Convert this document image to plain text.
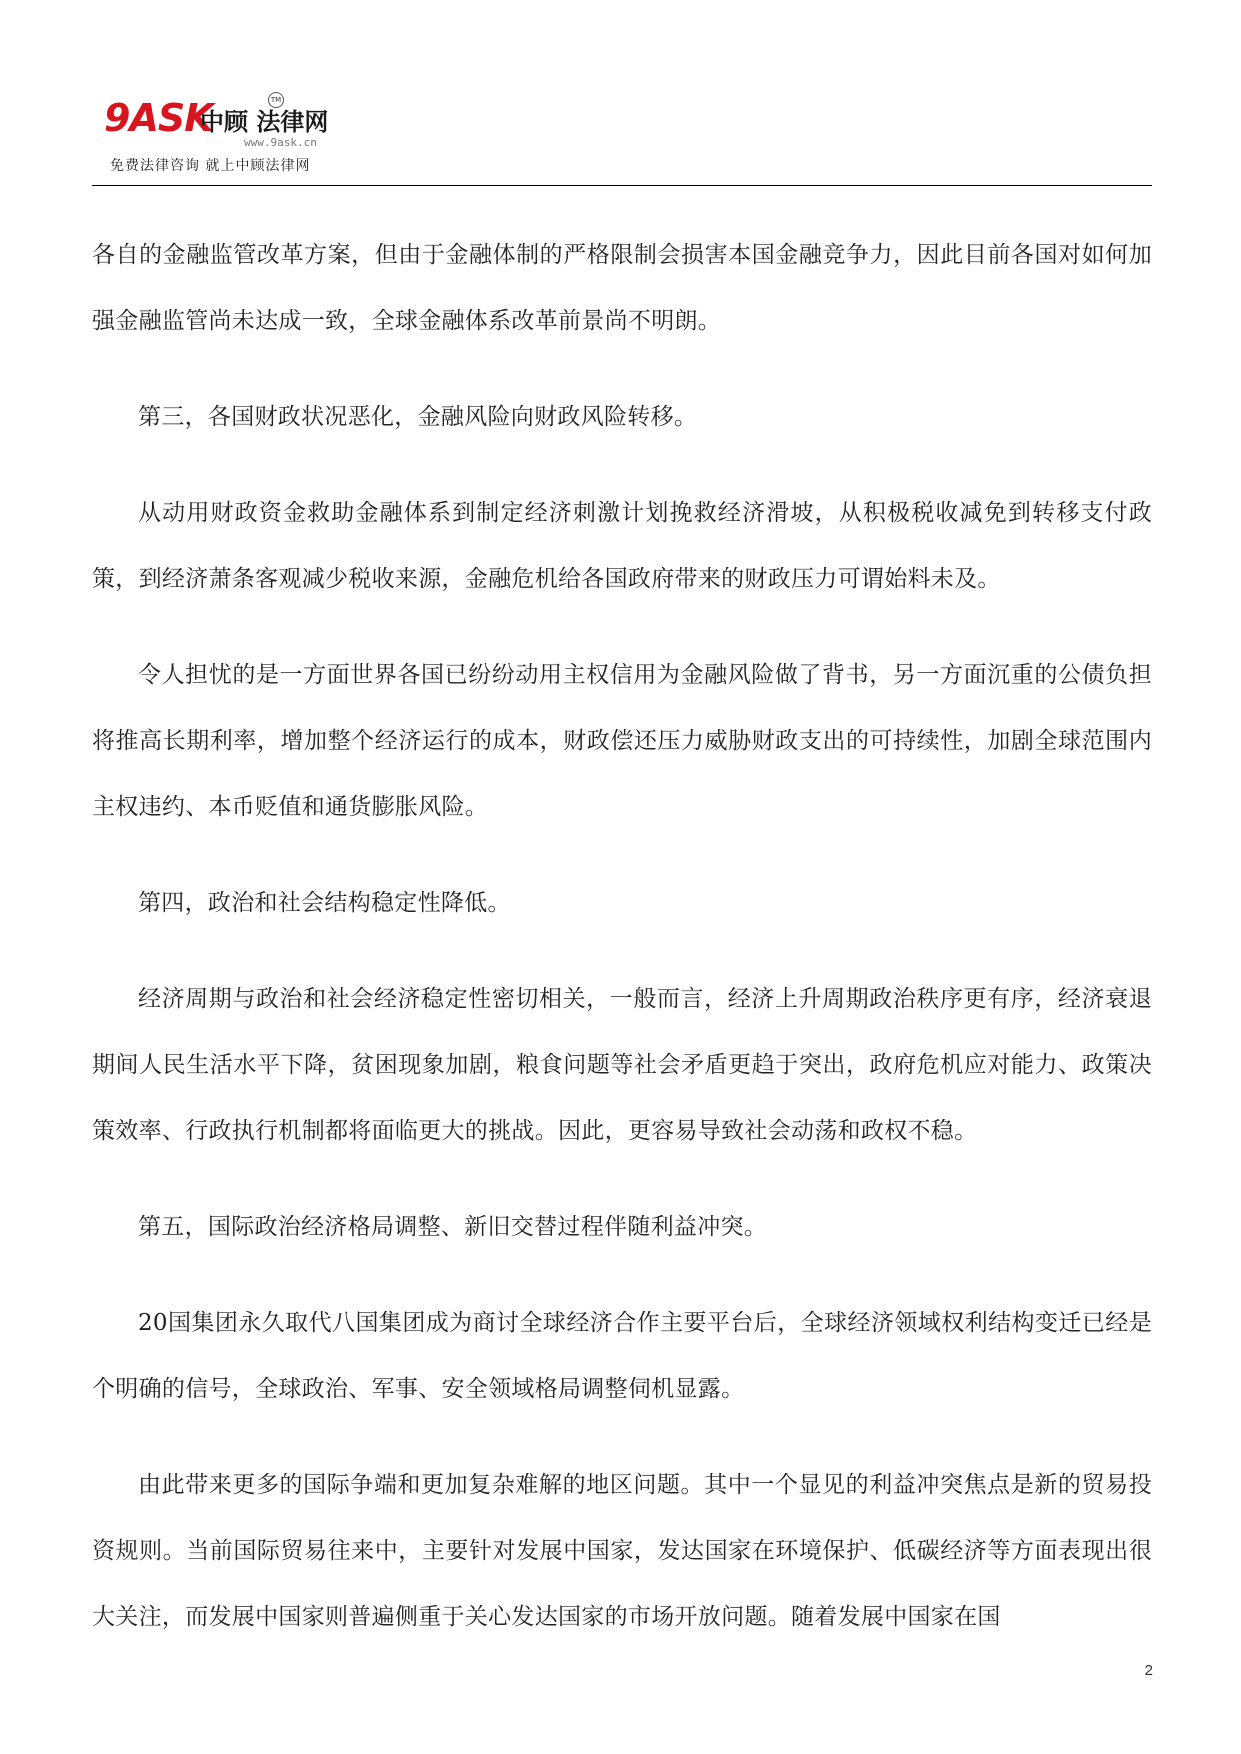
9ASK
中顾 法律网
TM
www.9ask.cn
免费法律咨询 就上中顾法律网

各自的金融监管改革方案，但由于金融体制的严格限制会损害本国金融竞争力，因此目前各国对如何加强金融监管尚未达成一致，全球金融体系改革前景尚不明朗。

第三，各国财政状况恶化，金融风险向财政风险转移。

从动用财政资金救助金融体系到制定经济刺激计划挽救经济滑坡，从积极税收减免到转移支付政策，到经济萧条客观减少税收来源，金融危机给各国政府带来的财政压力可谓始料未及。

令人担忧的是一方面世界各国已纷纷动用主权信用为金融风险做了背书，另一方面沉重的公债负担将推高长期利率，增加整个经济运行的成本，财政偿还压力威胁财政支出的可持续性，加剧全球范围内主权违约、本币贬值和通货膨胀风险。

第四，政治和社会结构稳定性降低。

经济周期与政治和社会经济稳定性密切相关，一般而言，经济上升周期政治秩序更有序，经济衰退期间人民生活水平下降，贫困现象加剧，粮食问题等社会矛盾更趋于突出，政府危机应对能力、政策决策效率、行政执行机制都将面临更大的挑战。因此，更容易导致社会动荡和政权不稳。

第五，国际政治经济格局调整、新旧交替过程伴随利益冲突。

20国集团永久取代八国集团成为商讨全球经济合作主要平台后，全球经济领域权利结构变迁已经是个明确的信号，全球政治、军事、安全领域格局调整伺机显露。

由此带来更多的国际争端和更加复杂难解的地区问题。其中一个显见的利益冲突焦点是新的贸易投资规则。当前国际贸易往来中，主要针对发展中国家，发达国家在环境保护、低碳经济等方面表现出很大关注，而发展中国家则普遍侧重于关心发达国家的市场开放问题。随着发展中国家在国

2
